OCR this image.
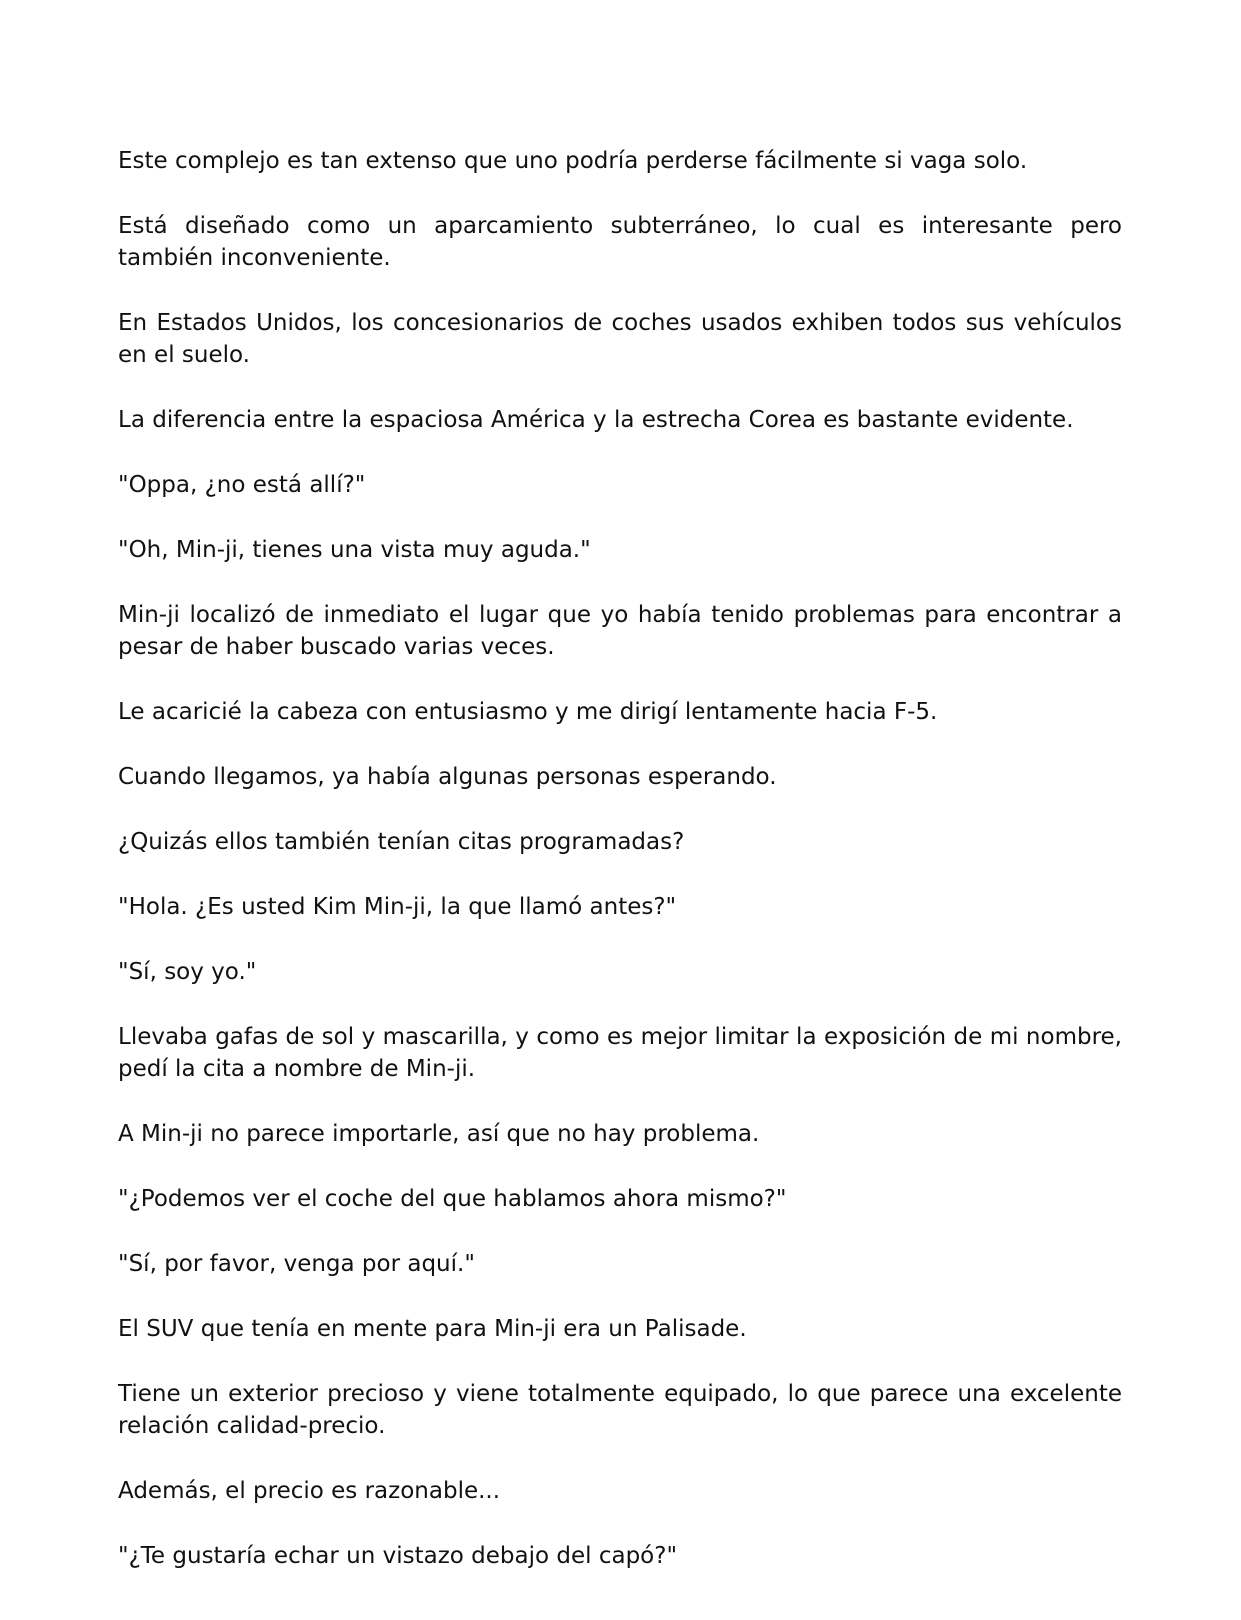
Este complejo es tan extenso que uno podría perderse fácilmente si vaga solo.

Está diseñado como un aparcamiento subterráneo, lo cual es interesante pero también inconveniente.

En Estados Unidos, los concesionarios de coches usados exhiben todos sus vehículos en el suelo.

La diferencia entre la espaciosa América y la estrecha Corea es bastante evidente.

"Oppa, ¿no está allí?"

"Oh, Min-ji, tienes una vista muy aguda."

Min-ji localizó de inmediato el lugar que yo había tenido problemas para encontrar a pesar de haber buscado varias veces.

Le acaricié la cabeza con entusiasmo y me dirigí lentamente hacia F-5.

Cuando llegamos, ya había algunas personas esperando.

¿Quizás ellos también tenían citas programadas?

"Hola. ¿Es usted Kim Min-ji, la que llamó antes?"

"Sí, soy yo."

Llevaba gafas de sol y mascarilla, y como es mejor limitar la exposición de mi nombre, pedí la cita a nombre de Min-ji.

A Min-ji no parece importarle, así que no hay problema.

"¿Podemos ver el coche del que hablamos ahora mismo?"

"Sí, por favor, venga por aquí."

El SUV que tenía en mente para Min-ji era un Palisade.

Tiene un exterior precioso y viene totalmente equipado, lo que parece una excelente relación calidad-precio.

Además, el precio es razonable...

"¿Te gustaría echar un vistazo debajo del capó?"
